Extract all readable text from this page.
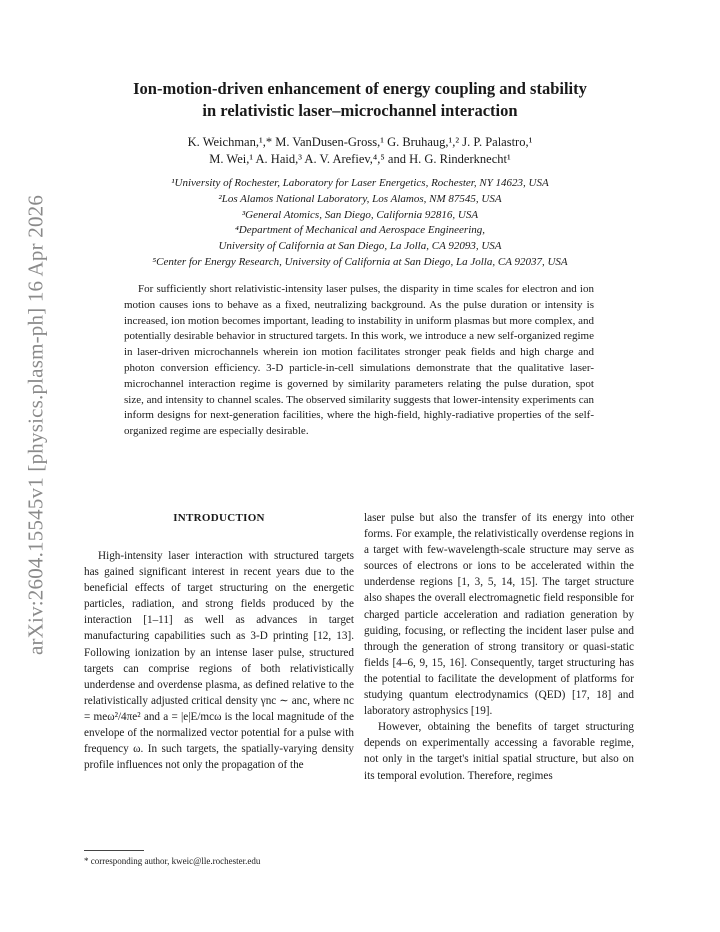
arXiv:2604.15545v1 [physics.plasm-ph] 16 Apr 2026
Ion-motion-driven enhancement of energy coupling and stability
in relativistic laser–microchannel interaction
K. Weichman,¹,* M. VanDusen-Gross,¹ G. Bruhaug,¹,² J. P. Palastro,¹
M. Wei,¹ A. Haid,³ A. V. Arefiev,⁴,⁵ and H. G. Rinderknecht¹
¹University of Rochester, Laboratory for Laser Energetics, Rochester, NY 14623, USA
²Los Alamos National Laboratory, Los Alamos, NM 87545, USA
³General Atomics, San Diego, California 92816, USA
⁴Department of Mechanical and Aerospace Engineering,
University of California at San Diego, La Jolla, CA 92093, USA
⁵Center for Energy Research, University of California at San Diego, La Jolla, CA 92037, USA

For sufficiently short relativistic-intensity laser pulses, the disparity in time scales for electron and ion motion causes ions to behave as a fixed, neutralizing background. As the pulse duration or intensity is increased, ion motion becomes important, leading to instability in uniform plasmas but more complex, and potentially desirable behavior in structured targets. In this work, we introduce a new self-organized regime in laser-driven microchannels wherein ion motion facilitates stronger peak fields and high charge and photon conversion efficiency. 3-D particle-in-cell simulations demonstrate that the qualitative laser-microchannel interaction regime is governed by similarity parameters relating the pulse duration, spot size, and intensity to channel scales. The observed similarity suggests that lower-intensity experiments can inform designs for next-generation facilities, where the high-field, highly-radiative properties of the self-organized regime are especially desirable.

INTRODUCTION

High-intensity laser interaction with structured targets has gained significant interest in recent years due to the beneficial effects of target structuring on the energetic particles, radiation, and strong fields produced by the interaction [1–11] as well as advances in target manufacturing capabilities such as 3-D printing [12, 13]. Following ionization by an intense laser pulse, structured targets can comprise regions of both relativistically underdense and overdense plasma, as defined relative to the relativistically adjusted critical density γnc ∼ anc, where nc = meω²/4πe² and a = |e|E/mcω is the local magnitude of the envelope of the normalized vector potential for a pulse with frequency ω. In such targets, the spatially-varying density profile influences not only the propagation of the

laser pulse but also the transfer of its energy into other forms. For example, the relativistically overdense regions in a target with few-wavelength-scale structure may serve as sources of electrons or ions to be accelerated within the underdense regions [1, 3, 5, 14, 15]. The target structure also shapes the overall electromagnetic field responsible for charged particle acceleration and radiation generation by guiding, focusing, or reflecting the incident laser pulse and through the generation of strong transitory or quasi-static fields [4–6, 9, 15, 16]. Consequently, target structuring has the potential to facilitate the development of platforms for studying quantum electrodynamics (QED) [17, 18] and laboratory astrophysics [19].

However, obtaining the benefits of target structuring depends on experimentally accessing a favorable regime, not only in the target's initial spatial structure, but also on its temporal evolution. Therefore, regimes

* corresponding author, kweic@lle.rochester.edu
